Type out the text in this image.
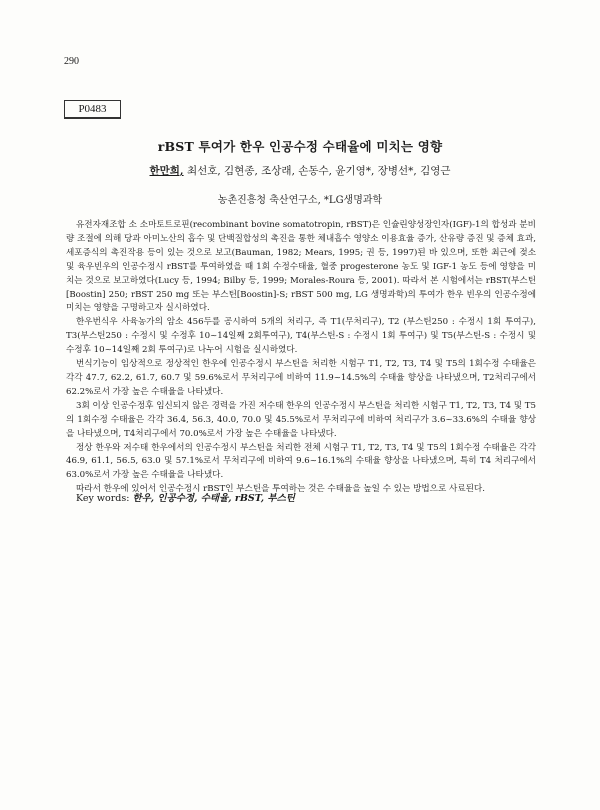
290
P0483
rBST 투여가 한우 인공수정 수태율에 미치는 영향
한만희, 최선호, 김현종, 조상래, 손동수, 윤기영*, 장병선*, 김영근
농촌진흥청 축산연구소, *LG생명과학

유전자재조합 소 소마토트로핀(recombinant bovine somatotropin, rBST)은 인슐린양성장인자(IGF)-1의 합성과 분비량 조절에 의해 당과 아미노산의 흡수 및 단백질합성의 촉진을 통한 체내흡수 영양소 이용효율 증가, 산유량 증진 및 증체 효과, 세포증식의 촉진작용 등이 있는 것으로 보고(Bauman, 1982; Mears, 1995; 권 등, 1997)된 바 있으며, 또한 최근에 젖소 및 육우빈우의 인공수정시 rBST를 투여하였을 때 1회 수정수태율, 혈중 progesterone 농도 및 IGF-1 농도 등에 영향을 미치는 것으로 보고하였다(Lucy 등, 1994; Bilby 등, 1999; Morales-Roura 등, 2001). 따라서 본 시험에서는 rBST(부스틴[Boostin] 250; rBST 250 mg 또는 부스틴[Boostin]-S; rBST 500 mg, LG 생명과학)의 투여가 한우 빈우의 인공수정에 미치는 영향을 구명하고자 실시하였다.

한우번식우 사육농가의 암소 456두를 공시하여 5개의 처리구, 즉 T1(무처리구), T2 (부스틴250 : 수정시 1회 투여구), T3(부스틴250 : 수정시 및 수정후 10~14일째 2회투여구), T4(부스틴-S : 수정시 1회 투여구) 및 T5(부스틴-S : 수정시 및 수정후 10~14일째 2회 투여구)로 나누어 시험을 실시하였다.

번식기능이 임상적으로 정상적인 한우에 인공수정시 부스틴을 처리한 시험구 T1, T2, T3, T4 및 T5의 1회수정 수태율은 각각 47.7, 62.2, 61.7, 60.7 및 59.6%로서 무처리구에 비하여 11.9~14.5%의 수태율 향상을 나타냈으며, T2처리구에서 62.2%로서 가장 높은 수태율을 나타냈다.

3회 이상 인공수정후 임신되지 않은 경력을 가진 저수태 한우의 인공수정시 부스틴을 처리한 시험구 T1, T2, T3, T4 및 T5의 1회수정 수태율은 각각 36.4, 56.3, 40.0, 70.0 및 45.5%로서 무처리구에 비하여 처리구가 3.6~33.6%의 수태율 향상을 나타냈으며, T4처리구에서 70.0%로서 가장 높은 수태율을 나타냈다.

정상 한우와 저수태 한우에서의 인공수정시 부스틴을 처리한 전체 시험구 T1, T2, T3, T4 및 T5의 1회수정 수태율은 각각 46.9, 61.1, 56.5, 63.0 및 57.1%로서 무처리구에 비하여 9.6~16.1%의 수태율 향상을 나타냈으며, 특히 T4 처리구에서 63.0%로서 가장 높은 수태율을 나타냈다.

따라서 한우에 있어서 인공수정시 rBST인 부스틴을 투여하는 것은 수태율을 높일 수 있는 방법으로 사료된다.

Key words: 한우, 인공수정, 수태율, rBST, 부스틴
